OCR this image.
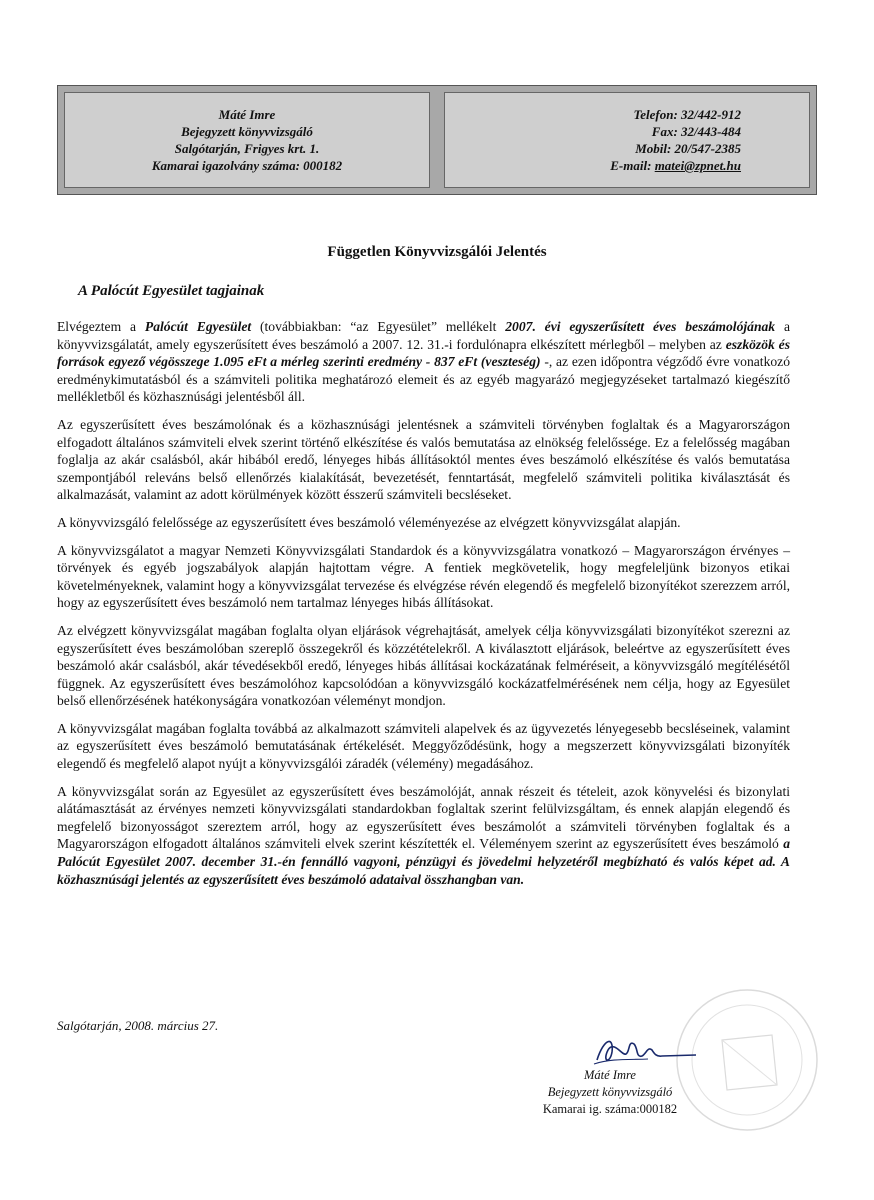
Máté Imre
Bejegyzett könyvvizsgáló
Salgótarján, Frigyes krt. 1.
Kamarai igazolvány száma: 000182
Telefon: 32/442-912
Fax: 32/443-484
Mobil: 20/547-2385
E-mail: matei@zpnet.hu
Független Könyvvizsgálói Jelentés
A Palócút Egyesület tagjainak

Elvégeztem a Palócút Egyesület (továbbiakban: “az Egyesület” mellékelt 2007. évi egyszerűsített éves beszámolójának a könyvvizsgálatát, amely egyszerűsített éves beszámoló a 2007. 12. 31.-i fordulónapra elkészített mérlegből – melyben az eszközök és források egyező végösszege 1.095 eFt a mérleg szerinti eredmény - 837 eFt (veszteség) -, az ezen időpontra végződő évre vonatkozó eredménykimutatásból és a számviteli politika meghatározó elemeit és az egyéb magyarázó megjegyzéseket tartalmazó kiegészítő mellékletből és közhasznúsági jelentésből áll.

Az egyszerűsített éves beszámolónak és a közhasznúsági jelentésnek a számviteli törvényben foglaltak és a Magyarországon elfogadott általános számviteli elvek szerint történő elkészítése és valós bemutatása az elnökség felelőssége. Ez a felelősség magában foglalja az akár csalásból, akár hibából eredő, lényeges hibás állításoktól mentes éves beszámoló elkészítése és valós bemutatása szempontjából releváns belső ellenőrzés kialakítását, bevezetését, fenntartását, megfelelő számviteli politika kiválasztását és alkalmazását, valamint az adott körülmények között ésszerű számviteli becsléseket.

A könyvvizsgáló felelőssége az egyszerűsített éves beszámoló véleményezése az elvégzett könyvvizsgálat alapján.

A könyvvizsgálatot a magyar Nemzeti Könyvvizsgálati Standardok és a könyvvizsgálatra vonatkozó – Magyarországon érvényes – törvények és egyéb jogszabályok alapján hajtottam végre. A fentiek megkövetelik, hogy megfeleljünk bizonyos etikai követelményeknek, valamint hogy a könyvvizsgálat tervezése és elvégzése révén elegendő és megfelelő bizonyítékot szerezzem arról, hogy az egyszerűsített éves beszámoló nem tartalmaz lényeges hibás állításokat.

Az elvégzett könyvvizsgálat magában foglalta olyan eljárások végrehajtását, amelyek célja könyvvizsgálati bizonyítékot szerezni az egyszerűsített éves beszámolóban szereplő összegekről és közzétételekről. A kiválasztott eljárások, beleértve az egyszerűsített éves beszámoló akár csalásból, akár tévedésekből eredő, lényeges hibás állításai kockázatának felméréseit, a könyvvizsgáló megítélésétől függnek. Az egyszerűsített éves beszámolóhoz kapcsolódóan a könyvvizsgáló kockázatfelmérésének nem célja, hogy az Egyesület belső ellenőrzésének hatékonyságára vonatkozóan véleményt mondjon.

A könyvvizsgálat magában foglalta továbbá az alkalmazott számviteli alapelvek és az ügyvezetés lényegesebb becsléseinek, valamint az egyszerűsített éves beszámoló bemutatásának értékelését. Meggyőződésünk, hogy a megszerzett könyvvizsgálati bizonyíték elegendő és megfelelő alapot nyújt a könyvvizsgálói záradék (vélemény) megadásához.

A könyvvizsgálat során az Egyesület az egyszerűsített éves beszámolóját, annak részeit és tételeit, azok könyvelési és bizonylati alátámasztását az érvényes nemzeti könyvvizsgálati standardokban foglaltak szerint felülvizsgáltam, és ennek alapján elegendő és megfelelő bizonyosságot szereztem arról, hogy az egyszerűsített éves beszámolót a számviteli törvényben foglaltak és a Magyarországon elfogadott általános számviteli elvek szerint készítették el. Véleményem szerint az egyszerűsített éves beszámoló a Palócút Egyesület 2007. december 31.-én fennálló vagyoni, pénzügyi és jövedelmi helyzetéről megbízható és valós képet ad. A közhasznúsági jelentés az egyszerűsített éves beszámoló adataival összhangban van.

Salgótarján, 2008. március 27.
Máté Imre
Bejegyzett könyvvizsgáló
Kamarai ig. száma:000182
